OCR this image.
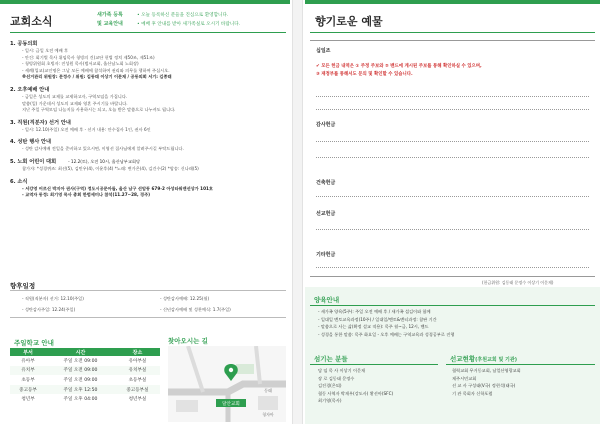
교회소식	새가족 등록
및 교육안내
• 오늘 등록하신 분들을 진심으로 환영합니다.
• 예배 후 안내를 받아 새가족실로 오시기 바랍니다.
1. 공동의회
- 일시: 금일 오전 예배 후
- 안건: 회기별 목사 위임목사 청빙의 건(교단 헌법 정치 제50조, 제51조)
- 청빙위원회 초빙자: 진성원 목사(범서교회, 울산남노회 노회장)
- 세례(입교)교인명은 그날 모든 예배에 참석하여 권리와 의무를 행하여 주십시오.
※선거관리 위원장: 문정수 / 위원: 김동태 이상기 이문재 / 공동의회 서기: 김종태
2. 오후예배 안내
- 금일은 성도의 교제를 교제하고자, 구역모임을 가집니다.
말씀(일) 가운데서 성도의 교제와 영혼 주시기를 바랍니다.
지난 주일 구역모임 나눔지를 사용하시는 되고, 오늘 받은 말씀으로 나누셔도 됩니다.
3. 직원(직분자) 선거 안내
- 일시: 12.10(주일) 오전 예배 후 - 선거 내용: 안수집사 1인, 권사 6인
4. 성탄 행사 안내
- 성탄 감사예배 전일을 준비하고 있으시면, 이영선 집사님에게 알려주시길 부탁드립니다.
5. 노회 어린이 대회	- 12.2(토), 오전 10시, 울산남부교회당
참가자: *성경퀴즈: 최선(5), 김민우(4), 이윤후(4) *노래: 변가은(4), 김건수(2) *암송: 신나래(5)
6. 소식
- 서강영 어르신 박지아 권사(구역) 정도시공문아들, 울산 남구 선암동 679-2 아성타워앤선상가 101호
- 교역자 동정: 최기영 목사 총회 한범세미나 참석(11.27~28, 경주)
향후일정
- 직원(직분자) 선거: 12.10(주일)	- 성탄감사예배: 12.25(월)
- 성탄감사주일: 12.24(주일)	- 신년감사예배 및 성찬예식: 1.7(주일)
주일학교 안내
부서	시간	장소
유아부	주일 오전 09:00	유아부실
유치부	주일 오전 09:00	유치부실
초등부	주일 오전 09:00	초등부실
중고등부	주일 오후 12:50	중고등부실
청년부	주일 오후 04:00	청년부실
찾아오시는 길
달안교회
동래
청자아
향기로운 예물
십일조
✔ 모든 헌금 내역은 ① 주정 주보와 ② 밴드에 게시된 주보를 통해 확인하실 수 있으며,
③ 재정부를 통해서도 문의 및 확인할 수 있습니다.
감사헌금
건축헌금
선교헌금
기타헌금
(헌금위원: 김동태 문정수 이상기 이문재)
양육안내
- 새가족 양육(5주): 주일 오전 예배 후 / 새가족 섬김이와 함께
- 일대일 멘토교육과정(10주) / 일대일/멘토&멘티과정: 참판 기간
- 말씀으로 사는 삶(확정 설교 적용): 목주 월~금, 12시, 밴드
- 성경을 통한 말씀: 목주 화요일 - 오후 예배는 구역교육과 성경공부로 진행
섬기는 분들
담 임 목 사 이상기 이문재
장 로 김동태 문정수
김진경(은퇴)
협동 사역자 박재우(강도사) 황선아(SFC)
최기영(목사)
선교현황(후원교회 및 기관)
협력교회 무거동교회, 남얼산영광교회
제주시민교회
선 교 사 구성태(V국) 정현석(태국)
기 관 목회자 신학포럼
